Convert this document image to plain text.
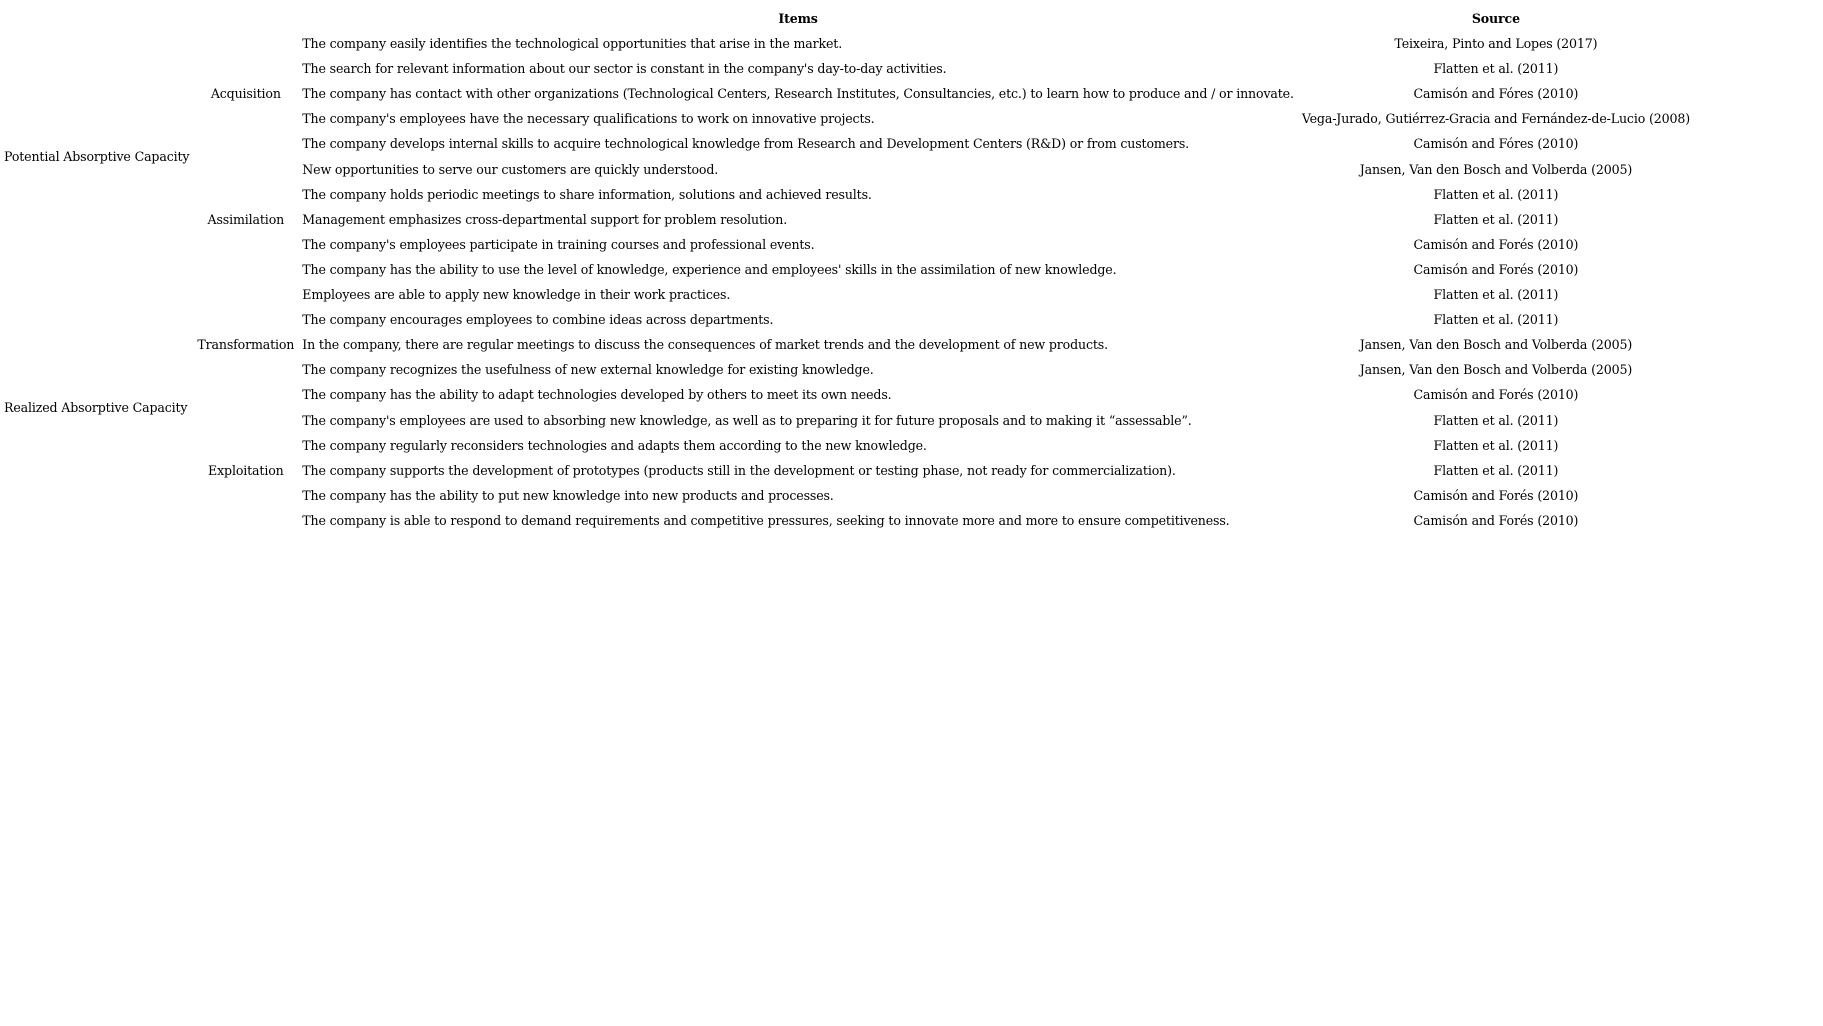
		Items	Source
Potential Absorptive Capacity	Acquisition	The company easily identifies the technological opportunities that arise in the market.	Teixeira, Pinto and Lopes (2017)
		The search for relevant information about our sector is constant in the company's day-to-day activities.	Flatten et al. (2011)
		The company has contact with other organizations (Technological Centers, Research Institutes, Consultancies, etc.) to learn how to produce and / or innovate.	Camisón and Fóres (2010)
		The company's employees have the necessary qualifications to work on innovative projects.	Vega-Jurado, Gutiérrez-Gracia and Fernández-de-Lucio (2008)
		The company develops internal skills to acquire technological knowledge from Research and Development Centers (R&D) or from customers.	Camisón and Fóres (2010)
	Assimilation	New opportunities to serve our customers are quickly understood.	Jansen, Van den Bosch and Volberda (2005)
		The company holds periodic meetings to share information, solutions and achieved results.	Flatten et al. (2011)
		Management emphasizes cross-departmental support for problem resolution.	Flatten et al. (2011)
		The company's employees participate in training courses and professional events.	Camisón and Forés (2010)
		The company has the ability to use the level of knowledge, experience and employees' skills in the assimilation of new knowledge.	Camisón and Forés (2010)
Realized Absorptive Capacity	Transformation	Employees are able to apply new knowledge in their work practices.	Flatten et al. (2011)
		The company encourages employees to combine ideas across departments.	Flatten et al. (2011)
		In the company, there are regular meetings to discuss the consequences of market trends and the development of new products.	Jansen, Van den Bosch and Volberda (2005)
		The company recognizes the usefulness of new external knowledge for existing knowledge.	Jansen, Van den Bosch and Volberda (2005)
		The company has the ability to adapt technologies developed by others to meet its own needs.	Camisón and Forés (2010)
	Exploitation	The company's employees are used to absorbing new knowledge, as well as to preparing it for future proposals and to making it “assessable”.	Flatten et al. (2011)
		The company regularly reconsiders technologies and adapts them according to the new knowledge.	Flatten et al. (2011)
		The company supports the development of prototypes (products still in the development or testing phase, not ready for commercialization).	Flatten et al. (2011)
		The company has the ability to put new knowledge into new products and processes.	Camisón and Forés (2010)
		The company is able to respond to demand requirements and competitive pressures, seeking to innovate more and more to ensure competitiveness.	Camisón and Forés (2010)
